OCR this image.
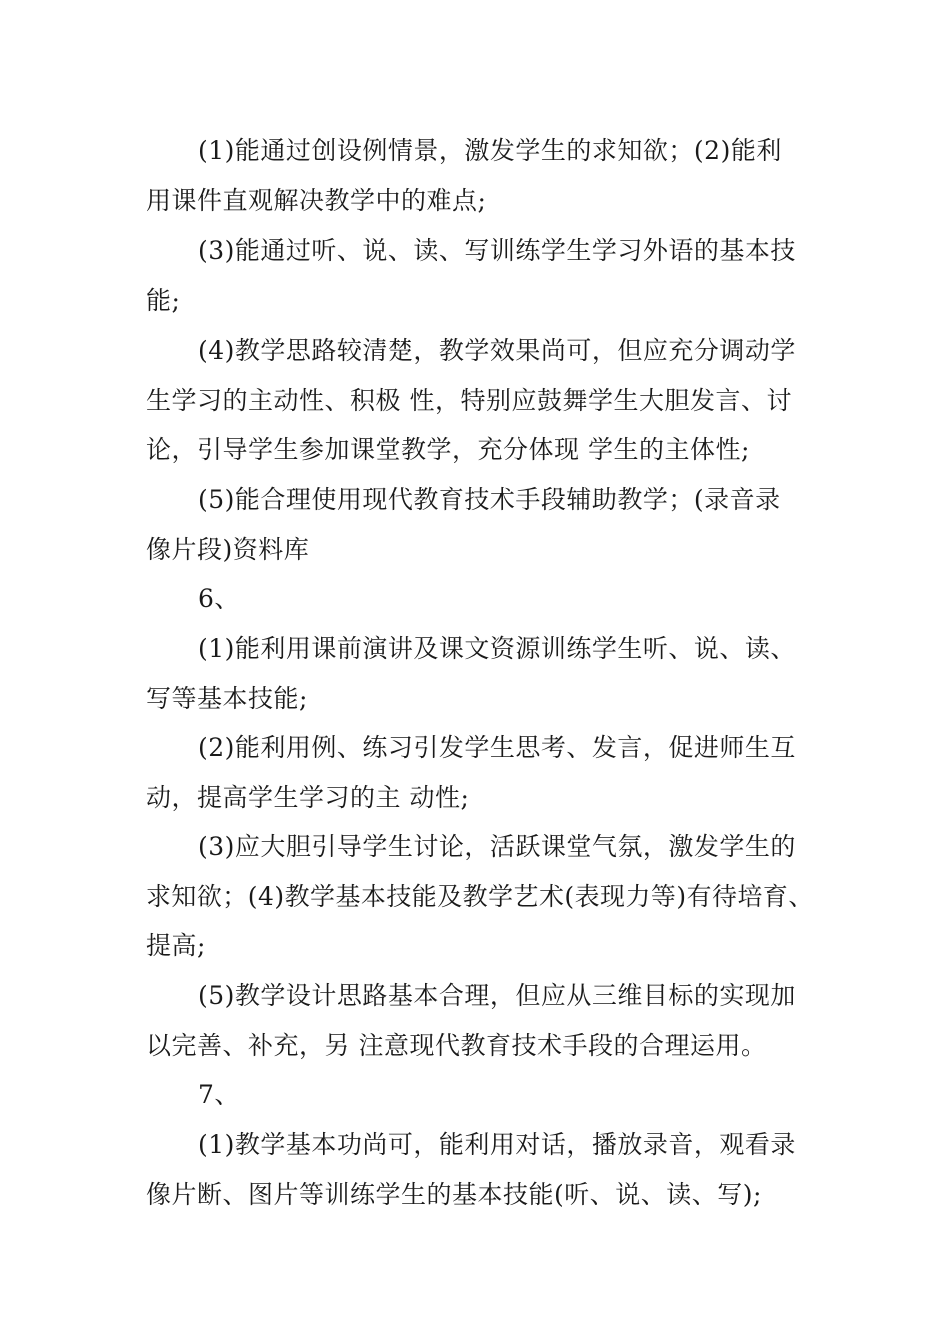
(1)能通过创设例情景，激发学生的求知欲；(2)能利
用课件直观解决教学中的难点;
(3)能通过听、说、读、写训练学生学习外语的基本技
能;
(4)教学思路较清楚，教学效果尚可，但应充分调动学
生学习的主动性、积极 性，特别应鼓舞学生大胆发言、讨
论，引导学生参加课堂教学，充分体现 学生的主体性;
(5)能合理使用现代教育技术手段辅助教学；(录音录
像片段)资料库
6、
(1)能利用课前演讲及课文资源训练学生听、说、读、
写等基本技能;
(2)能利用例、练习引发学生思考、发言，促进师生互
动，提高学生学习的主 动性;
(3)应大胆引导学生讨论，活跃课堂气氛，激发学生的
求知欲；(4)教学基本技能及教学艺术(表现力等)有待培育、
提高;
(5)教学设计思路基本合理，但应从三维目标的实现加
以完善、补充，另 注意现代教育技术手段的合理运用。
7、
(1)教学基本功尚可，能利用对话，播放录音，观看录
像片断、图片等训练学生的基本技能(听、说、读、写);
